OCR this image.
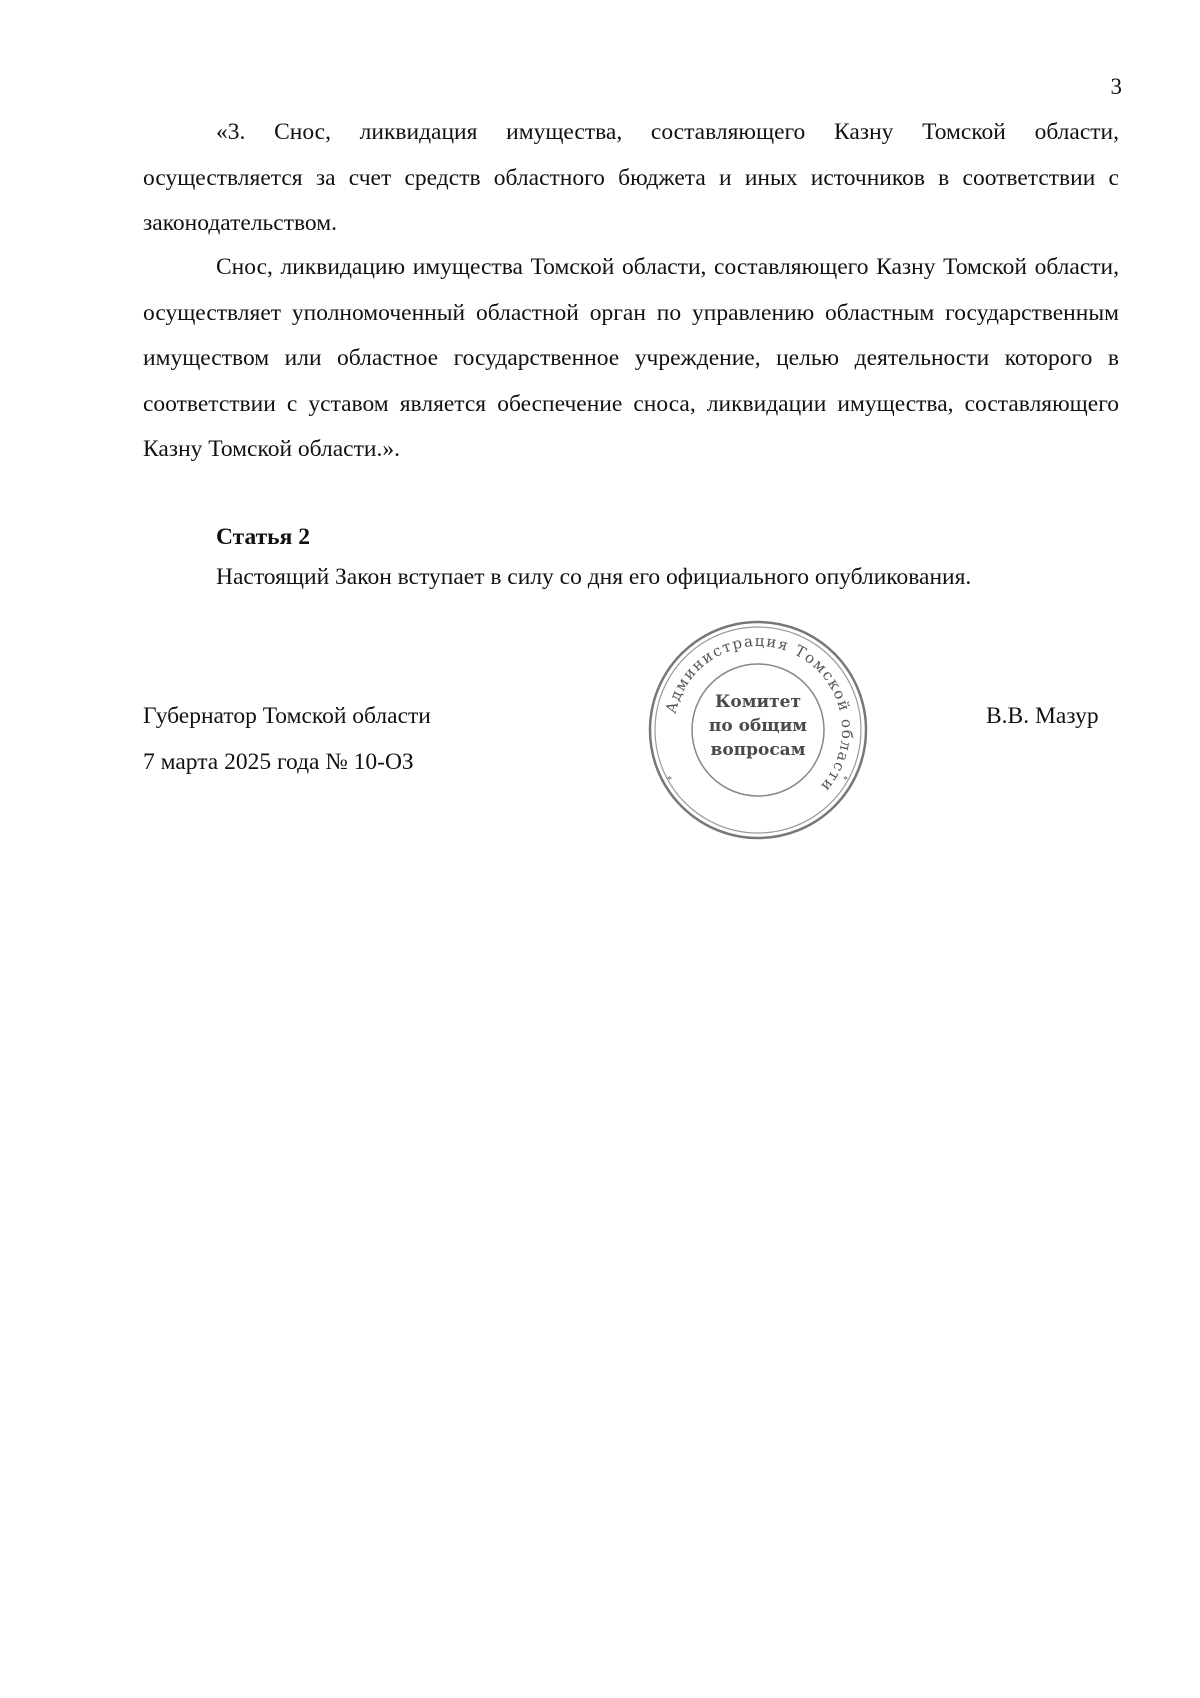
3

«3. Снос, ликвидация имущества, составляющего Казну Томской области, осуществляется за счет средств областного бюджета и иных источников в соответствии с законодательством.

Снос, ликвидацию имущества Томской области, составляющего Казну Томской области, осуществляет уполномоченный областной орган по управлению областным государственным имуществом или областное государственное учреждение, целью деятельности которого в соответствии с уставом является обеспечение сноса, ликвидации имущества, составляющего Казну Томской области.».

Статья 2

Настоящий Закон вступает в силу со дня его официального опубликования.

Губернатор Томской области
7 марта 2025 года № 10-ОЗ
В.В. Мазур
Администрация Томской области
*	*
Комитет
по общим
вопросам
